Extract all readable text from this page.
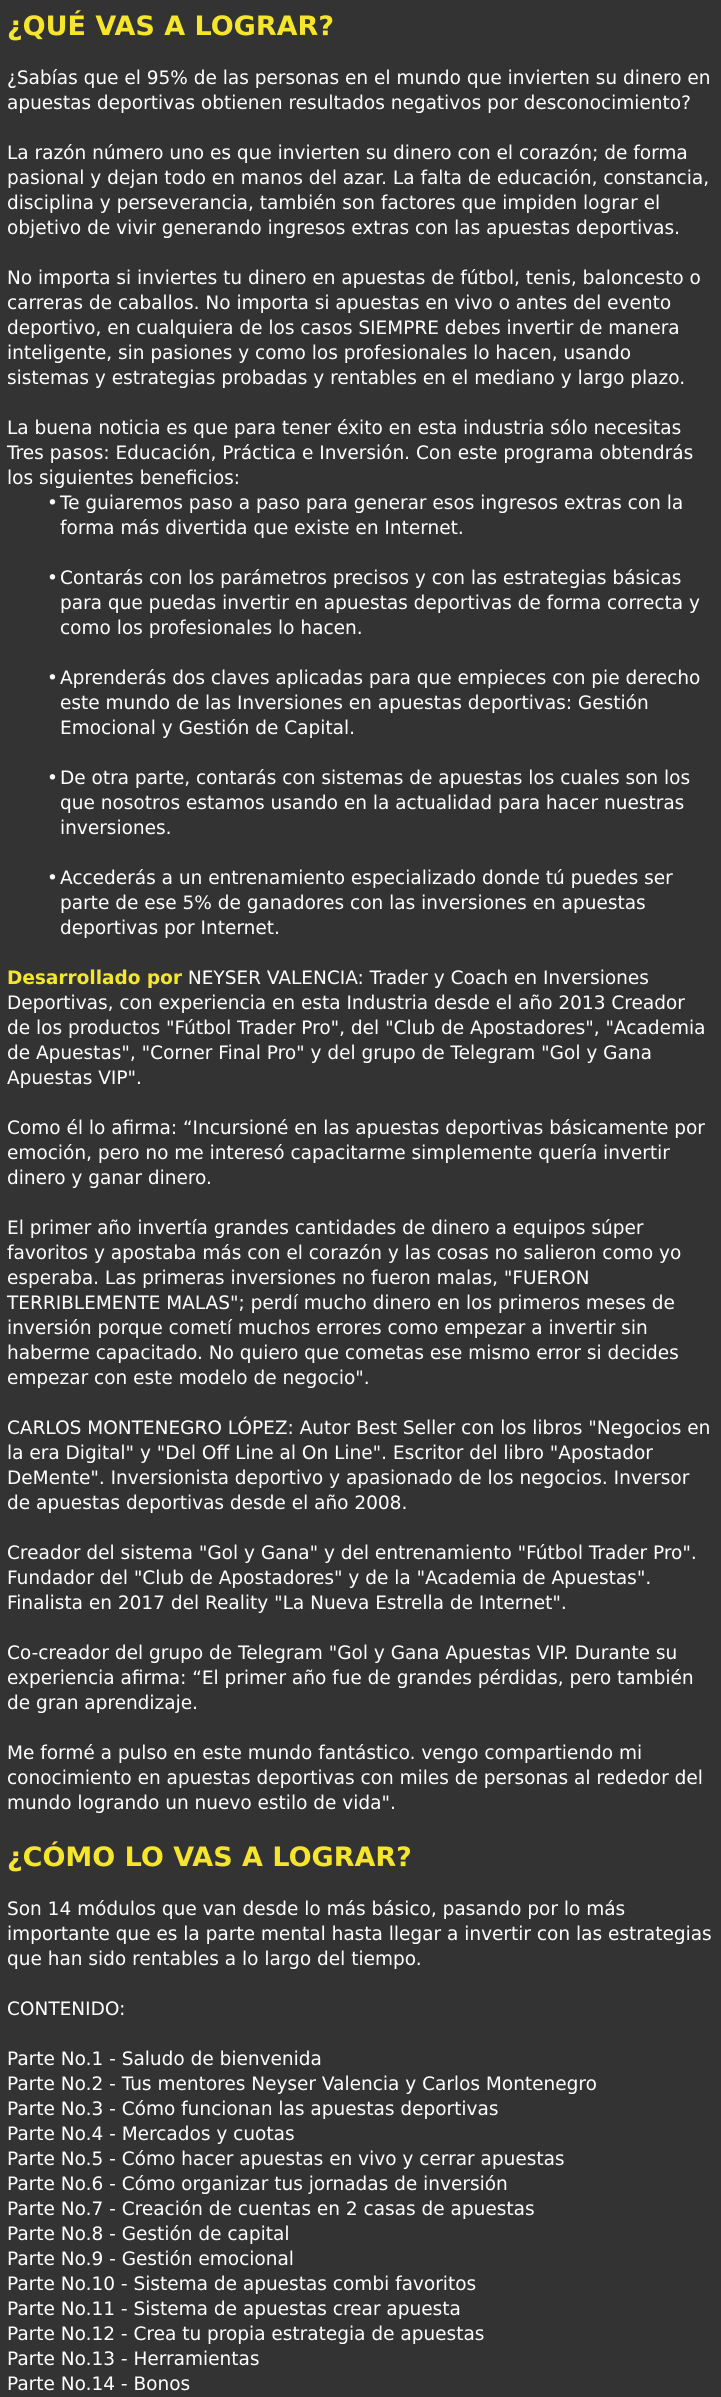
¿QUÉ VAS A LOGRAR?

¿Sabías que el 95% de las personas en el mundo que invierten su dinero en apuestas deportivas obtienen resultados negativos por desconocimiento?

La razón número uno es que invierten su dinero con el corazón; de forma pasional y dejan todo en manos del azar. La falta de educación, constancia, disciplina y perseverancia, también son factores que impiden lograr el objetivo de vivir generando ingresos extras con las apuestas deportivas.

No importa si inviertes tu dinero en apuestas de fútbol, tenis, baloncesto o carreras de caballos. No importa si apuestas en vivo o antes del evento deportivo, en cualquiera de los casos SIEMPRE debes invertir de manera inteligente, sin pasiones y como los profesionales lo hacen, usando sistemas y estrategias probadas y rentables en el mediano y largo plazo.

La buena noticia es que para tener éxito en esta industria sólo necesitas Tres pasos: Educación, Práctica e Inversión. Con este programa obtendrás los siguientes beneficios:

• Te guiaremos paso a paso para generar esos ingresos extras con la forma más divertida que existe en Internet.
• Contarás con los parámetros precisos y con las estrategias básicas para que puedas invertir en apuestas deportivas de forma correcta y como los profesionales lo hacen.
• Aprenderás dos claves aplicadas para que empieces con pie derecho este mundo de las Inversiones en apuestas deportivas: Gestión Emocional y Gestión de Capital.
• De otra parte, contarás con sistemas de apuestas los cuales son los que nosotros estamos usando en la actualidad para hacer nuestras inversiones.
• Accederás a un entrenamiento especializado donde tú puedes ser parte de ese 5% de ganadores con las inversiones en apuestas deportivas por Internet.

Desarrollado por NEYSER VALENCIA: Trader y Coach en Inversiones Deportivas, con experiencia en esta Industria desde el año 2013 Creador de los productos "Fútbol Trader Pro", del "Club de Apostadores", "Academia de Apuestas", "Corner Final Pro" y del grupo de Telegram "Gol y Gana Apuestas VIP".

Como él lo afirma: “Incursioné en las apuestas deportivas básicamente por emoción, pero no me interesó capacitarme simplemente quería invertir dinero y ganar dinero.

El primer año invertía grandes cantidades de dinero a equipos súper favoritos y apostaba más con el corazón y las cosas no salieron como yo esperaba. Las primeras inversiones no fueron malas, "FUERON TERRIBLEMENTE MALAS"; perdí mucho dinero en los primeros meses de inversión porque cometí muchos errores como empezar a invertir sin haberme capacitado. No quiero que cometas ese mismo error si decides empezar con este modelo de negocio".

CARLOS MONTENEGRO LÓPEZ: Autor Best Seller con los libros "Negocios en la era Digital" y "Del Off Line al On Line". Escritor del libro "Apostador DeMente". Inversionista deportivo y apasionado de los negocios. Inversor de apuestas deportivas desde el año 2008.

Creador del sistema "Gol y Gana" y del entrenamiento "Fútbol Trader Pro". Fundador del "Club de Apostadores" y de la "Academia de Apuestas". Finalista en 2017 del Reality "La Nueva Estrella de Internet".

Co-creador del grupo de Telegram "Gol y Gana Apuestas VIP. Durante su experiencia afirma: “El primer año fue de grandes pérdidas, pero también de gran aprendizaje.

Me formé a pulso en este mundo fantástico. vengo compartiendo mi conocimiento en apuestas deportivas con miles de personas al rededor del mundo logrando un nuevo estilo de vida".

¿CÓMO LO VAS A LOGRAR?

Son 14 módulos que van desde lo más básico, pasando por lo más importante que es la parte mental hasta llegar a invertir con las estrategias que han sido rentables a lo largo del tiempo.

CONTENIDO:

Parte No.1 - Saludo de bienvenida
Parte No.2 - Tus mentores Neyser Valencia y Carlos Montenegro
Parte No.3 - Cómo funcionan las apuestas deportivas
Parte No.4 - Mercados y cuotas
Parte No.5 - Cómo hacer apuestas en vivo y cerrar apuestas
Parte No.6 - Cómo organizar tus jornadas de inversión
Parte No.7 - Creación de cuentas en 2 casas de apuestas
Parte No.8 - Gestión de capital
Parte No.9 - Gestión emocional
Parte No.10 - Sistema de apuestas combi favoritos
Parte No.11 - Sistema de apuestas crear apuesta
Parte No.12 - Crea tu propia estrategia de apuestas
Parte No.13 - Herramientas
Parte No.14 - Bonos
